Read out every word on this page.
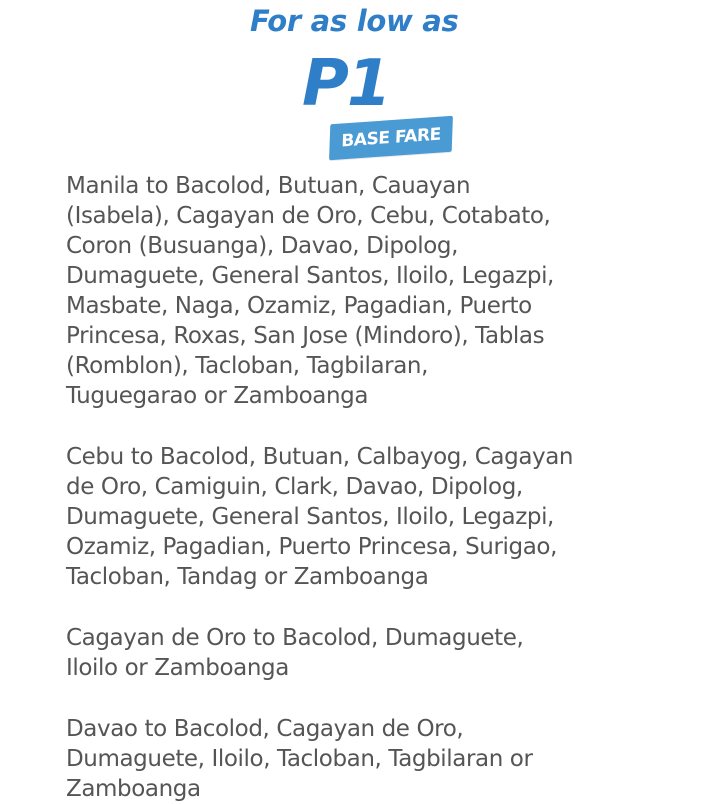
For as low as

P1

BASE FARE

Manila to Bacolod, Butuan, Cauayan
(Isabela), Cagayan de Oro, Cebu, Cotabato,
Coron (Busuanga), Davao, Dipolog,
Dumaguete, General Santos, Iloilo, Legazpi,
Masbate, Naga, Ozamiz, Pagadian, Puerto
Princesa, Roxas, San Jose (Mindoro), Tablas
(Romblon), Tacloban, Tagbilaran,
Tuguegarao or Zamboanga

Cebu to Bacolod, Butuan, Calbayog, Cagayan
de Oro, Camiguin, Clark, Davao, Dipolog,
Dumaguete, General Santos, Iloilo, Legazpi,
Ozamiz, Pagadian, Puerto Princesa, Surigao,
Tacloban, Tandag or Zamboanga

Cagayan de Oro to Bacolod, Dumaguete,
Iloilo or Zamboanga

Davao to Bacolod, Cagayan de Oro,
Dumaguete, Iloilo, Tacloban, Tagbilaran or
Zamboanga
